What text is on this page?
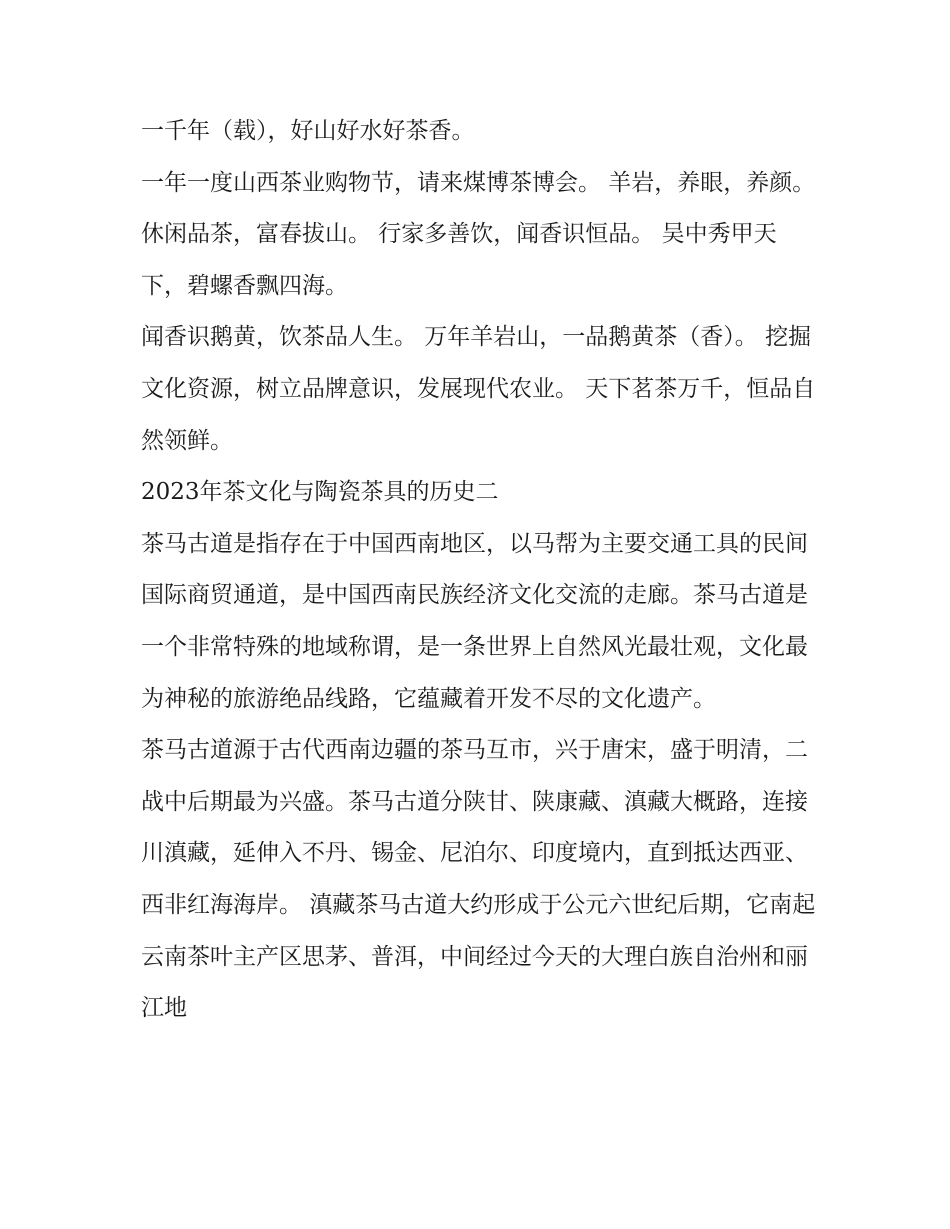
一千年（载），好山好水好茶香。

一年一度山西茶业购物节，请来煤博茶博会。 羊岩，养眼，养颜。 休闲品茶，富春拔山。 行家多善饮，闻香识恒品。 吴中秀甲天下，碧螺香飘四海。

闻香识鹅黄，饮茶品人生。 万年羊岩山，一品鹅黄茶（香）。 挖掘文化资源，树立品牌意识，发展现代农业。 天下茗茶万千，恒品自然领鲜。

2023年茶文化与陶瓷茶具的历史二

茶马古道是指存在于中国西南地区，以马帮为主要交通工具的民间国际商贸通道，是中国西南民族经济文化交流的走廊。茶马古道是一个非常特殊的地域称谓，是一条世界上自然风光最壮观，文化最为神秘的旅游绝品线路，它蕴藏着开发不尽的文化遗产。

茶马古道源于古代西南边疆的茶马互市，兴于唐宋，盛于明清，二战中后期最为兴盛。茶马古道分陕甘、陕康藏、滇藏大概路，连接川滇藏，延伸入不丹、锡金、尼泊尔、印度境内，直到抵达西亚、

西非红海海岸。 滇藏茶马古道大约形成于公元六世纪后期，它南起云南茶叶主产区思茅、普洱，中间经过今天的大理白族自治州和丽江地
